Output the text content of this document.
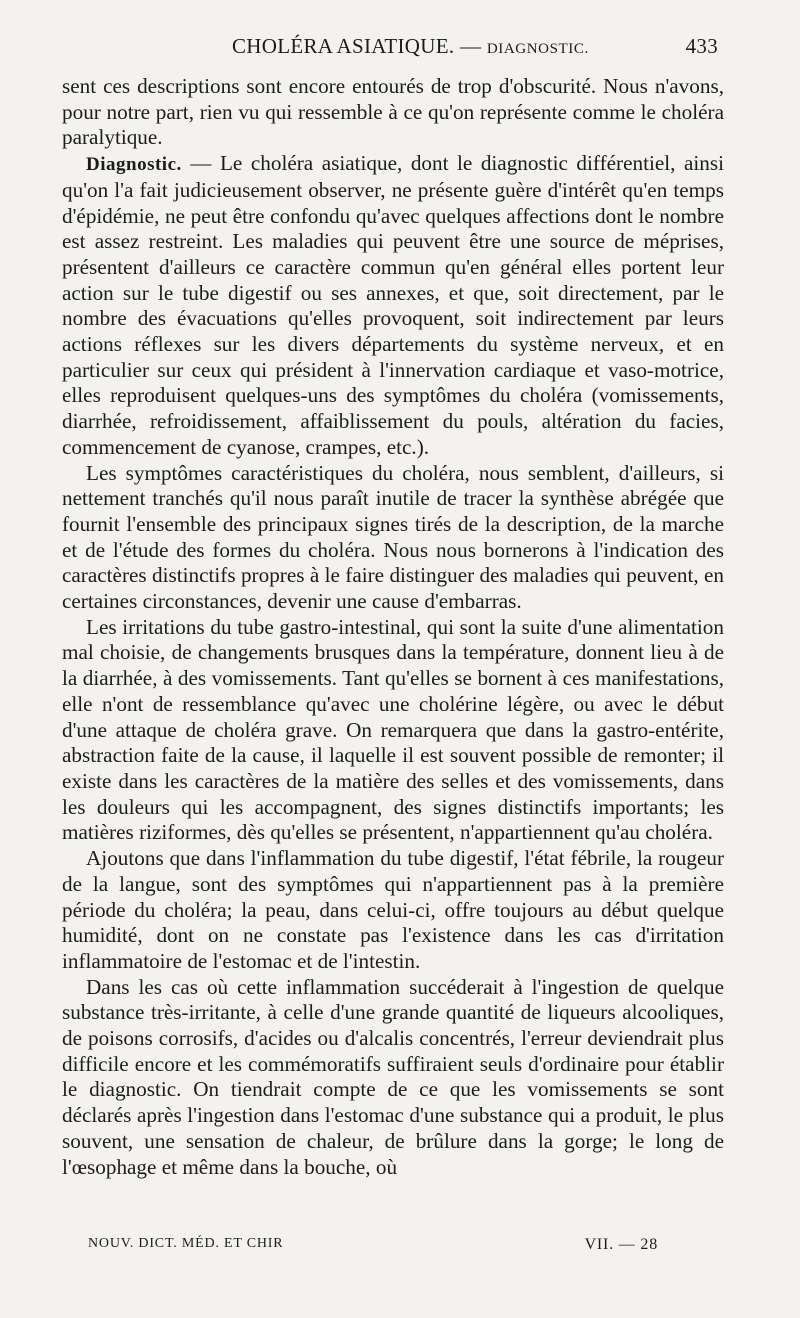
CHOLÉRA ASIATIQUE. — DIAGNOSTIC.	433

sent ces descriptions sont encore entourés de trop d'obscurité. Nous n'avons, pour notre part, rien vu qui ressemble à ce qu'on représente comme le choléra paralytique.

Diagnostic. — Le choléra asiatique, dont le diagnostic différentiel, ainsi qu'on l'a fait judicieusement observer, ne présente guère d'intérêt qu'en temps d'épidémie, ne peut être confondu qu'avec quelques affections dont le nombre est assez restreint. Les maladies qui peuvent être une source de méprises, présentent d'ailleurs ce caractère commun qu'en général elles portent leur action sur le tube digestif ou ses annexes, et que, soit directement, par le nombre des évacuations qu'elles provoquent, soit indirectement par leurs actions réflexes sur les divers départements du système nerveux, et en particulier sur ceux qui président à l'innervation cardiaque et vaso-motrice, elles reproduisent quelques-uns des symptômes du choléra (vomissements, diarrhée, refroidissement, affaiblissement du pouls, altération du facies, commencement de cyanose, crampes, etc.).

Les symptômes caractéristiques du choléra, nous semblent, d'ailleurs, si nettement tranchés qu'il nous paraît inutile de tracer la synthèse abrégée que fournit l'ensemble des principaux signes tirés de la description, de la marche et de l'étude des formes du choléra. Nous nous bornerons à l'indication des caractères distinctifs propres à le faire distinguer des maladies qui peuvent, en certaines circonstances, devenir une cause d'embarras.

Les irritations du tube gastro-intestinal, qui sont la suite d'une alimentation mal choisie, de changements brusques dans la température, donnent lieu à de la diarrhée, à des vomissements. Tant qu'elles se bornent à ces manifestations, elle n'ont de ressemblance qu'avec une cholérine légère, ou avec le début d'une attaque de choléra grave. On remarquera que dans la gastro-entérite, abstraction faite de la cause, il laquelle il est souvent possible de remonter; il existe dans les caractères de la matière des selles et des vomissements, dans les douleurs qui les accompagnent, des signes distinctifs importants; les matières riziformes, dès qu'elles se présentent, n'appartiennent qu'au choléra.

Ajoutons que dans l'inflammation du tube digestif, l'état fébrile, la rougeur de la langue, sont des symptômes qui n'appartiennent pas à la première période du choléra; la peau, dans celui-ci, offre toujours au début quelque humidité, dont on ne constate pas l'existence dans les cas d'irritation inflammatoire de l'estomac et de l'intestin.

Dans les cas où cette inflammation succéderait à l'ingestion de quelque substance très-irritante, à celle d'une grande quantité de liqueurs alcooliques, de poisons corrosifs, d'acides ou d'alcalis concentrés, l'erreur deviendrait plus difficile encore et les commémoratifs suffiraient seuls d'ordinaire pour établir le diagnostic. On tiendrait compte de ce que les vomissements se sont déclarés après l'ingestion dans l'estomac d'une substance qui a produit, le plus souvent, une sensation de chaleur, de brûlure dans la gorge; le long de l'œsophage et même dans la bouche, où

NOUV. DICT. MÉD. ET CHIR	VII. — 28
